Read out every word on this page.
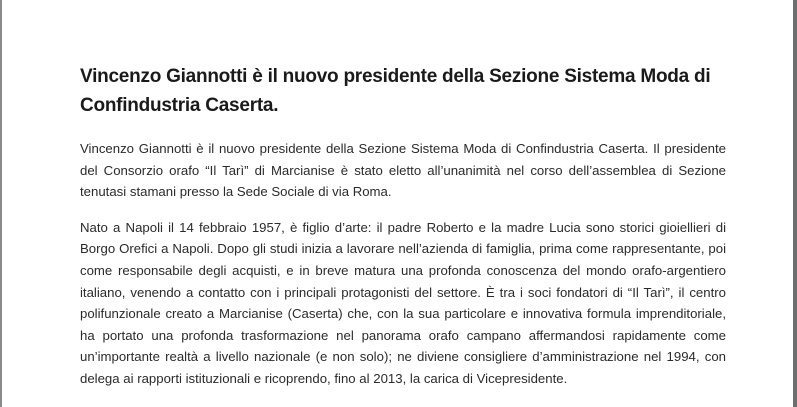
Vincenzo Giannotti è il nuovo presidente della Sezione Sistema Moda di Confindustria Caserta.

Vincenzo Giannotti è il nuovo presidente della Sezione Sistema Moda di Confindustria Caserta. Il presidente del Consorzio orafo “Il Tarì” di Marcianise è stato eletto all’unanimità nel corso dell’assemblea di Sezione tenutasi stamani presso la Sede Sociale di via Roma.

Nato a Napoli il 14 febbraio 1957, è figlio d’arte: il padre Roberto e la madre Lucia sono storici gioiellieri di Borgo Orefici a Napoli. Dopo gli studi inizia a lavorare nell’azienda di famiglia, prima come rappresentante, poi come responsabile degli acquisti, e in breve matura una profonda conoscenza del mondo orafo-argentiero italiano, venendo a contatto con i principali protagonisti del settore. È tra i soci fondatori di “Il Tarì”, il centro polifunzionale creato a Marcianise (Caserta) che, con la sua particolare e innovativa formula imprenditoriale, ha portato una profonda trasformazione nel panorama orafo campano affermandosi rapidamente come un’importante realtà a livello nazionale (e non solo); ne diviene consigliere d’amministrazione nel 1994, con delega ai rapporti istituzionali e ricoprendo, fino al 2013, la carica di Vicepresidente.
